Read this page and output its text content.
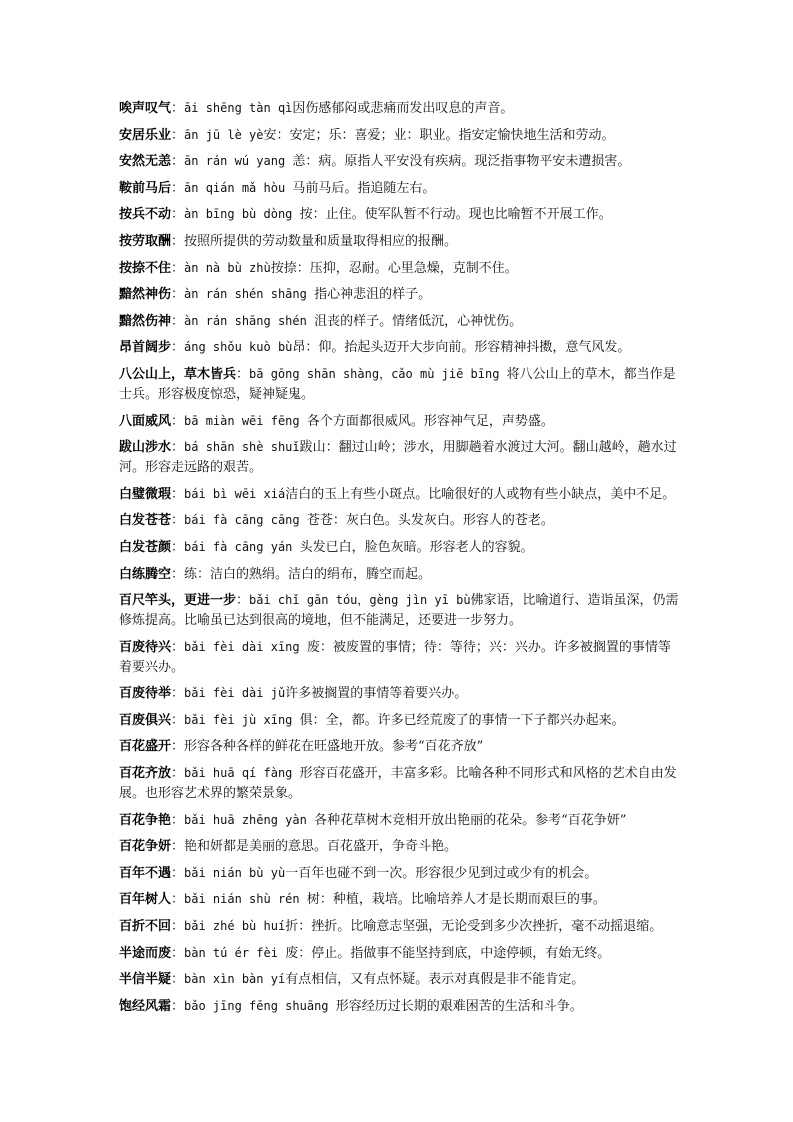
唉声叹气：āi shēng tàn qì因伤感郁闷或悲痛而发出叹息的声音。

安居乐业：ān jū lè yè安：安定；乐：喜爱；业：职业。指安定愉快地生活和劳动。

安然无恙：ān rán wú yang 恙：病。原指人平安没有疾病。现泛指事物平安未遭损害。

鞍前马后：ān qián mǎ hòu 马前马后。指追随左右。

按兵不动：àn bīng bù dòng 按：止住。使军队暂不行动。现也比喻暂不开展工作。

按劳取酬：按照所提供的劳动数量和质量取得相应的报酬。

按捺不住：àn nà bù zhù按捺：压抑，忍耐。心里急燥，克制不住。

黯然神伤：àn rán shén shāng 指心神悲沮的样子。

黯然伤神：àn rán shāng shén 沮丧的样子。情绪低沉，心神忧伤。

昂首阔步：áng shǒu kuò bù昂：仰。抬起头迈开大步向前。形容精神抖擞，意气风发。

八公山上，草木皆兵：bā gōng shān shàng，cǎo mù jiē bīng 将八公山上的草木，都当作是士兵。形容极度惊恐，疑神疑鬼。

八面威风：bā miàn wēi fēng 各个方面都很威风。形容神气足，声势盛。

跋山涉水：bá shān shè shuǐ跋山：翻过山岭；涉水，用脚趟着水渡过大河。翻山越岭，趟水过河。形容走远路的艰苦。

白璧微瑕：bái bì wēi xiá洁白的玉上有些小斑点。比喻很好的人或物有些小缺点，美中不足。

白发苍苍：bái fà cāng cāng 苍苍：灰白色。头发灰白。形容人的苍老。

白发苍颜：bái fà cāng yán 头发已白，脸色灰暗。形容老人的容貌。

白练腾空：练：洁白的熟绢。洁白的绢布，腾空而起。

百尺竿头，更进一步：bǎi chǐ gān tóu，gèng jìn yī bù佛家语，比喻道行、造诣虽深，仍需修炼提高。比喻虽已达到很高的境地，但不能满足，还要进一步努力。

百废待兴：bǎi fèi dài xīng 废：被废置的事情；待：等待；兴：兴办。许多被搁置的事情等着要兴办。

百废待举：bǎi fèi dài jǔ许多被搁置的事情等着要兴办。

百废俱兴：bǎi fèi jù xīng 俱：全，都。许多已经荒废了的事情一下子都兴办起来。

百花盛开：形容各种各样的鲜花在旺盛地开放。参考“百花齐放”

百花齐放：bǎi huā qí fàng 形容百花盛开，丰富多彩。比喻各种不同形式和风格的艺术自由发展。也形容艺术界的繁荣景象。

百花争艳：bǎi huā zhēng yàn 各种花草树木竞相开放出艳丽的花朵。参考“百花争妍”

百花争妍：艳和妍都是美丽的意思。百花盛开，争奇斗艳。

百年不遇：bǎi nián bù yù一百年也碰不到一次。形容很少见到过或少有的机会。

百年树人：bǎi nián shù rén 树：种植，栽培。比喻培养人才是长期而艰巨的事。

百折不回：bǎi zhé bù huí折：挫折。比喻意志坚强，无论受到多少次挫折，毫不动摇退缩。

半途而废：bàn tú ér fèi 废：停止。指做事不能坚持到底，中途停顿，有始无终。

半信半疑：bàn xìn bàn yí有点相信，又有点怀疑。表示对真假是非不能肯定。

饱经风霜：bǎo jīng fēng shuāng 形容经历过长期的艰难困苦的生活和斗争。
